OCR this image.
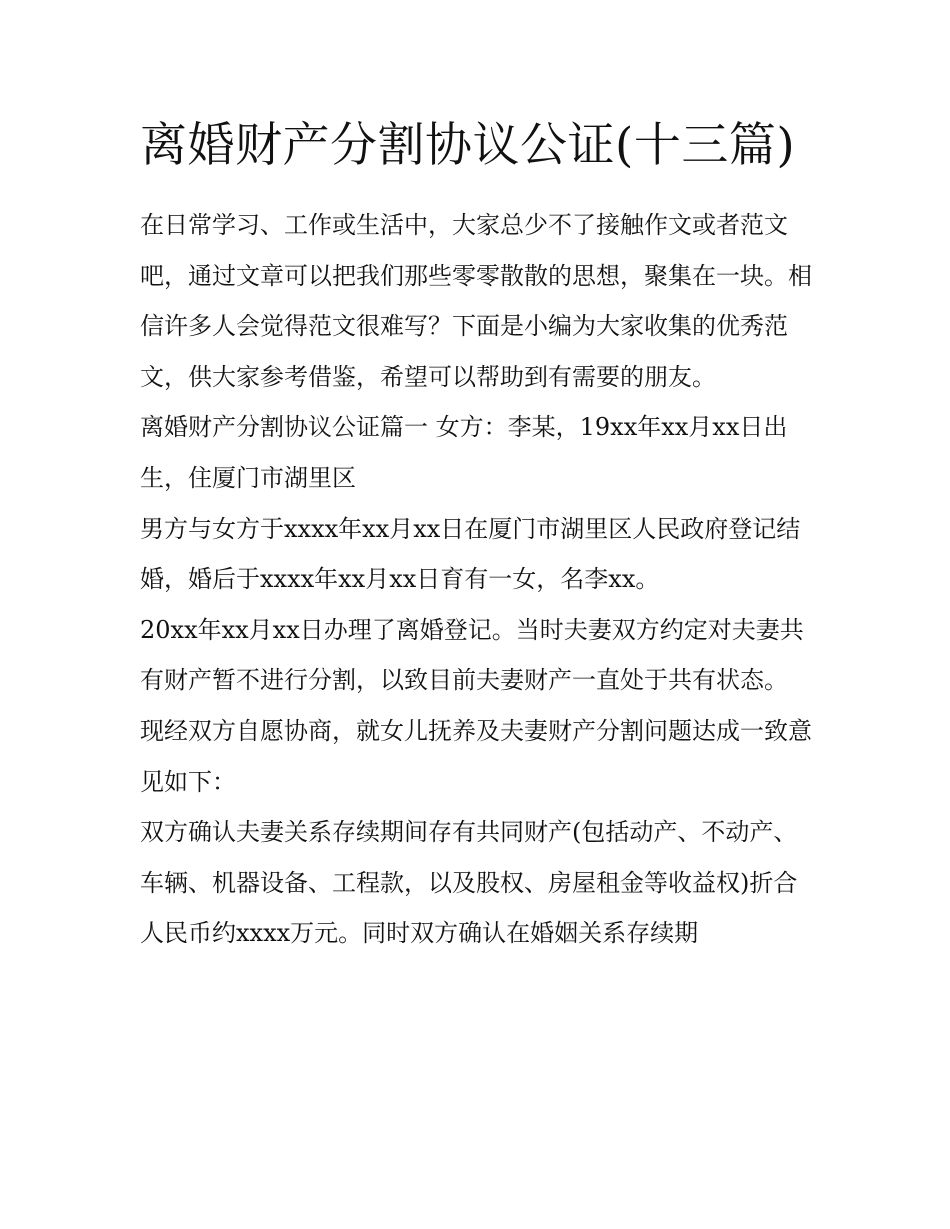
离婚财产分割协议公证(十三篇)

在日常学习、工作或生活中，大家总少不了接触作文或者范文吧，通过文章可以把我们那些零零散散的思想，聚集在一块。相信许多人会觉得范文很难写？下面是小编为大家收集的优秀范文，供大家参考借鉴，希望可以帮助到有需要的朋友。

离婚财产分割协议公证篇一 女方：李某，19xx年xx月xx日出生，住厦门市湖里区

男方与女方于xxxx年xx月xx日在厦门市湖里区人民政府登记结婚，婚后于xxxx年xx月xx日育有一女，名李xx。

20xx年xx月xx日办理了离婚登记。当时夫妻双方约定对夫妻共有财产暂不进行分割，以致目前夫妻财产一直处于共有状态。

现经双方自愿协商，就女儿抚养及夫妻财产分割问题达成一致意见如下：

双方确认夫妻关系存续期间存有共同财产(包括动产、不动产、车辆、机器设备、工程款，以及股权、房屋租金等收益权)折合人民币约xxxx万元。同时双方确认在婚姻关系存续期
